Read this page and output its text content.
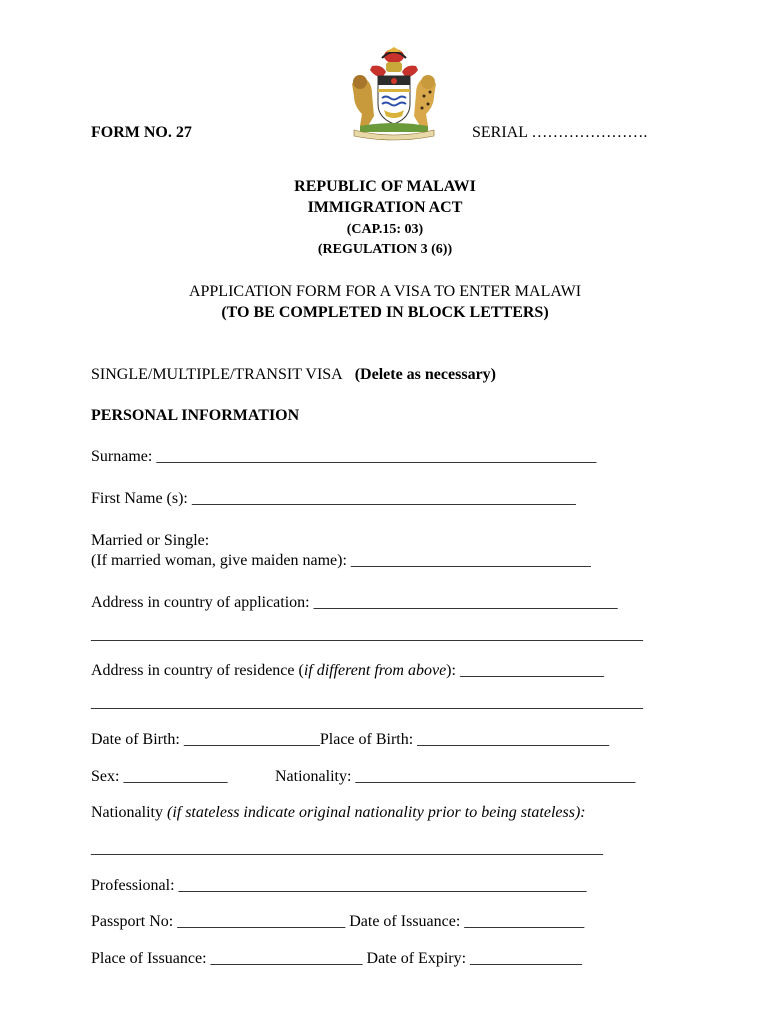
FORM NO. 27	SERIAL ………………….
REPUBLIC OF MALAWI
IMMIGRATION ACT
(CAP.15: 03)
(REGULATION 3 (6))
APPLICATION FORM FOR A VISA TO ENTER MALAWI
(TO BE COMPLETED IN BLOCK LETTERS)
SINGLE/MULTIPLE/TRANSIT VISA (Delete as necessary)
PERSONAL INFORMATION
Surname: _______________________________________________________
First Name (s): ________________________________________________
Married or Single:
(If married woman, give maiden name): ______________________________
Address in country of application: ______________________________________
_____________________________________________________________________
Address in country of residence (if different from above): __________________
_____________________________________________________________________
Date of Birth: _________________Place of Birth: ________________________
Sex: _____________	Nationality: ___________________________________
Nationality (if stateless indicate original nationality prior to being stateless):
________________________________________________________________
Professional: ___________________________________________________
Passport No: _____________________ Date of Issuance: _______________
Place of Issuance: ___________________ Date of Expiry: ______________
